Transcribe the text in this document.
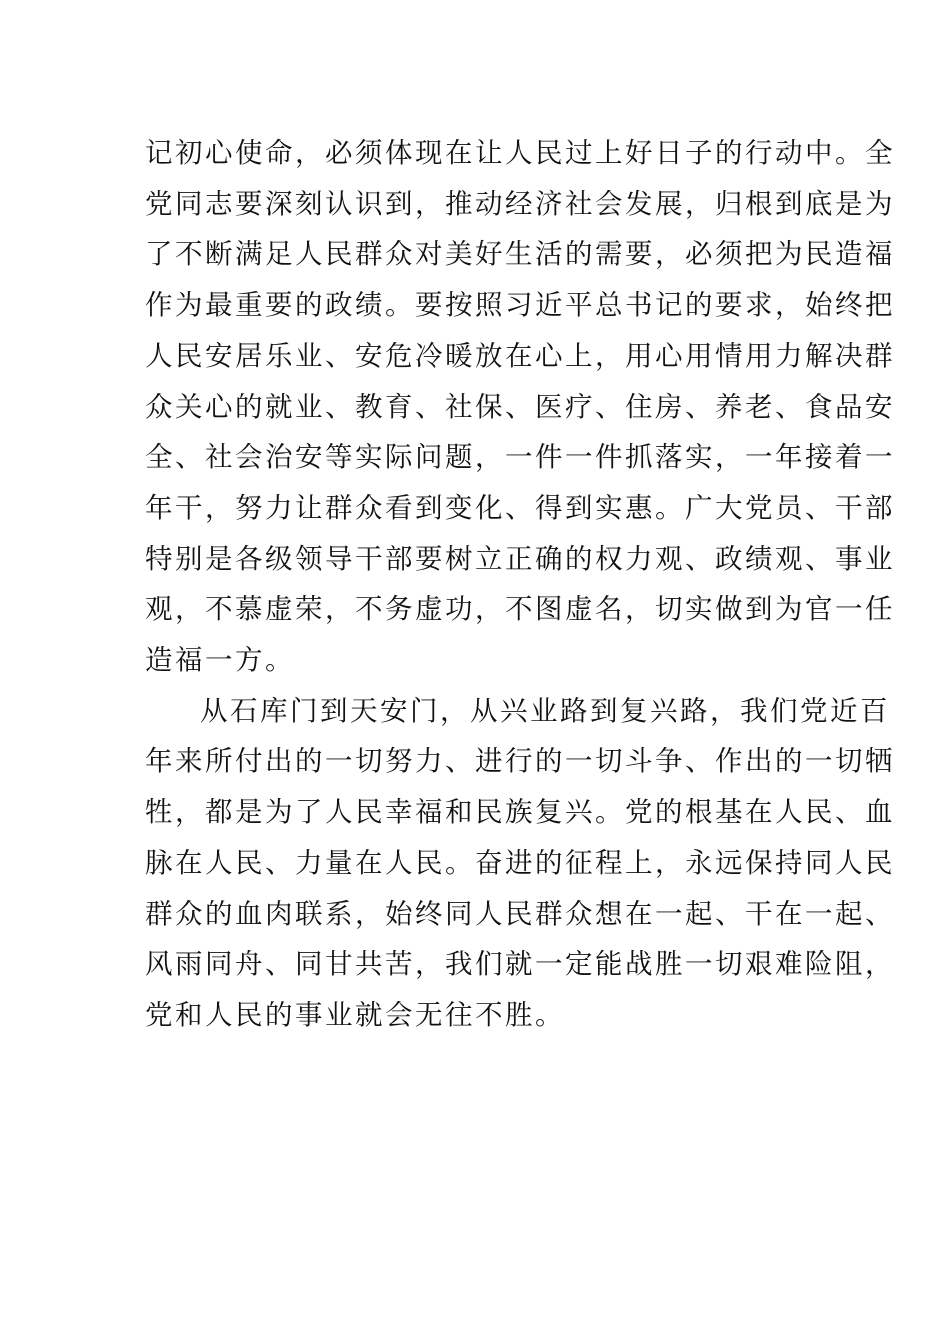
记初心使命，必须体现在让人民过上好日子的行动中。全
党同志要深刻认识到，推动经济社会发展，归根到底是为
了不断满足人民群众对美好生活的需要，必须把为民造福
作为最重要的政绩。要按照习近平总书记的要求，始终把
人民安居乐业、安危冷暖放在心上，用心用情用力解决群
众关心的就业、教育、社保、医疗、住房、养老、食品安
全、社会治安等实际问题，一件一件抓落实，一年接着一
年干，努力让群众看到变化、得到实惠。广大党员、干部
特别是各级领导干部要树立正确的权力观、政绩观、事业
观，不慕虚荣，不务虚功，不图虚名，切实做到为官一任
造福一方。

从石库门到天安门，从兴业路到复兴路，我们党近百
年来所付出的一切努力、进行的一切斗争、作出的一切牺
牲，都是为了人民幸福和民族复兴。党的根基在人民、血
脉在人民、力量在人民。奋进的征程上，永远保持同人民
群众的血肉联系，始终同人民群众想在一起、干在一起、
风雨同舟、同甘共苦，我们就一定能战胜一切艰难险阻，
党和人民的事业就会无往不胜。
